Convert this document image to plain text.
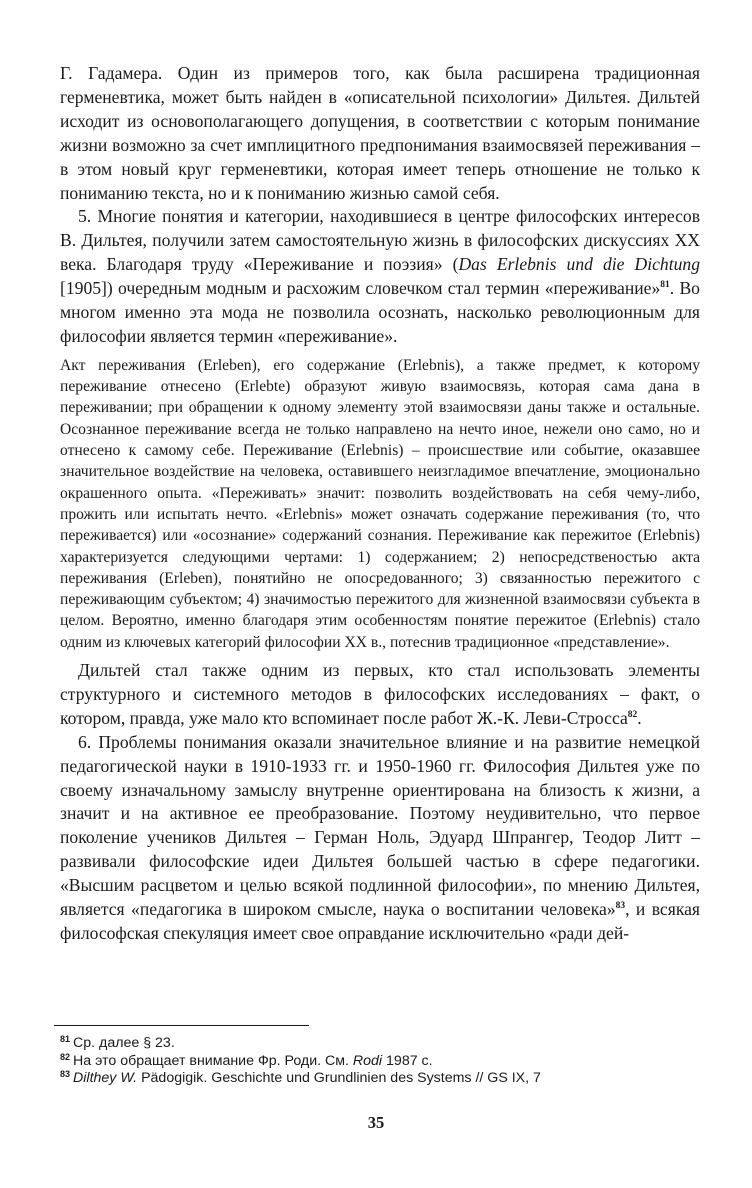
Г. Гадамера. Один из примеров того, как была расширена традиционная герменевтика, может быть найден в «описательной психологии» Дильтея. Дильтей исходит из основополагающего допущения, в соответствии с которым понимание жизни возможно за счет имплицитного предпонимания взаимосвязей переживания – в этом новый круг герменевтики, которая имеет теперь отношение не только к пониманию текста, но и к пониманию жизнью самой себя.

5. Многие понятия и категории, находившиеся в центре философских интересов В. Дильтея, получили затем самостоятельную жизнь в философских дискуссиях XX века. Благодаря труду «Переживание и поэзия» (Das Erlebnis und die Dichtung [1905]) очередным модным и расхожим словечком стал термин «переживание»$^{81}$. Во многом именно эта мода не позволила осознать, насколько революционным для философии является термин «переживание».

Акт переживания (Erleben), его содержание (Erlebnis), а также предмет, к которому переживание отнесено (Erlebte) образуют живую взаимосвязь, которая сама дана в переживании; при обращении к одному элементу этой взаимосвязи даны также и остальные. Осознанное переживание всегда не только направлено на нечто иное, нежели оно само, но и отнесено к самому себе. Переживание (Erlebnis) – происшествие или событие, оказавшее значительное воздействие на человека, оставившего неизгладимое впечатление, эмоционально окрашенного опыта. «Переживать» значит: позволить воздействовать на себя чему-либо, прожить или испытать нечто. «Erlebnis» может означать содержание переживания (то, что переживается) или «осознание» содержаний сознания. Переживание как пережитое (Erlebnis) характеризуется следующими чертами: 1) содержанием; 2) непосредственостью акта переживания (Erleben), понятийно не опосредованного; 3) связанностью пережитого с переживающим субъектом; 4) значимостью пережитого для жизненной взаимосвязи субъекта в целом. Вероятно, именно благодаря этим особенностям понятие пережитое (Erlebnis) стало одним из ключевых категорий философии XX в., потеснив традиционное «представление».

Дильтей стал также одним из первых, кто стал использовать элементы структурного и системного методов в философских исследованиях – факт, о котором, правда, уже мало кто вспоминает после работ Ж.-К. Леви-Стросса$^{82}$.

6. Проблемы понимания оказали значительное влияние и на развитие немецкой педагогической науки в 1910-1933 гг. и 1950-1960 гг. Философия Дильтея уже по своему изначальному замыслу внутренне ориентирована на близость к жизни, а значит и на активное ее преобразование. Поэтому неудивительно, что первое поколение учеников Дильтея – Герман Ноль, Эдуард Шпрангер, Теодор Литт – развивали философские идеи Дильтея большей частью в сфере педагогики. «Высшим расцветом и целью всякой подлинной философии», по мнению Дильтея, является «педагогика в широком смысле, наука о воспитании человека»$^{83}$, и всякая философская спекуляция имеет свое оправдание исключительно «ради дей-

$^{81}$ Ср. далее § 23.
$^{82}$ На это обращает внимание Фр. Роди. См. Rodi 1987 с.
$^{83}$ Dilthey W. Pädogigik. Geschichte und Grundlinien des Systems // GS IX, 7
35
